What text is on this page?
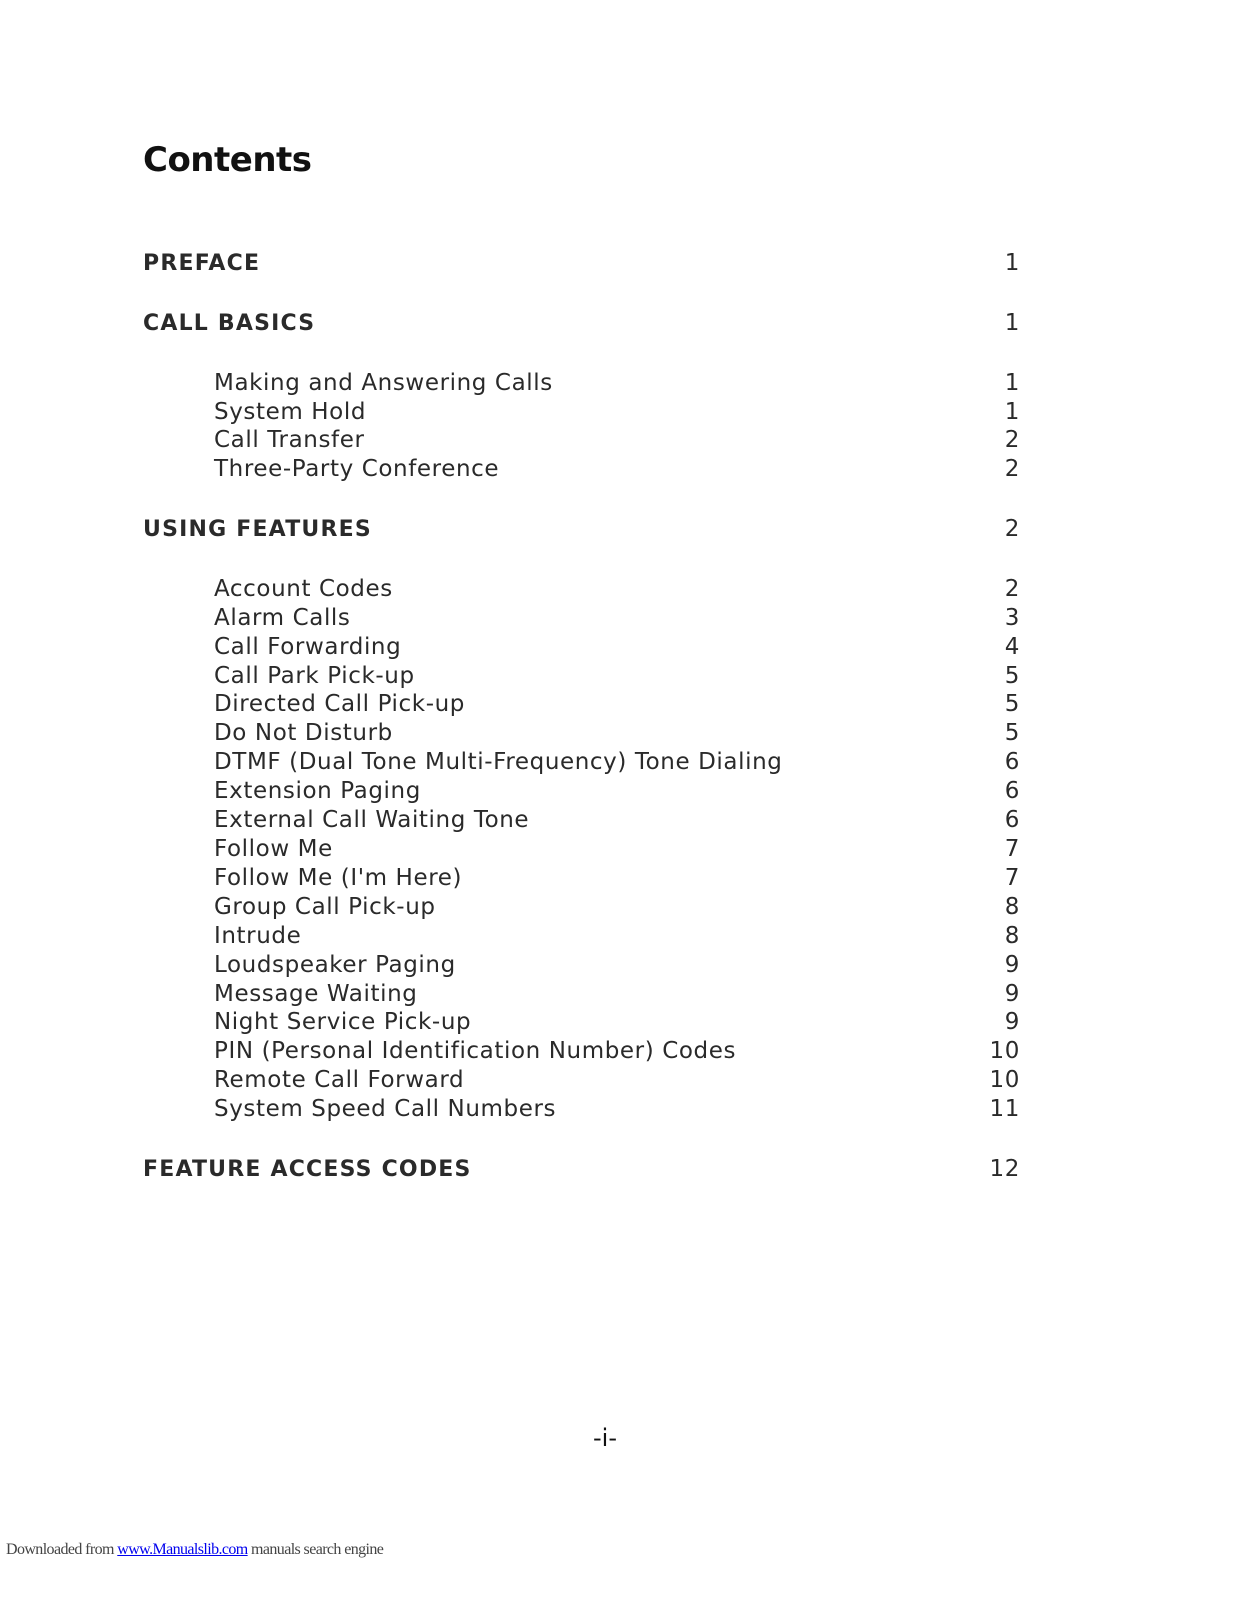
Contents
PREFACE	1
CALL BASICS	1
Making and Answering Calls	1
System Hold	1
Call Transfer	2
Three-Party Conference	2
USING FEATURES	2
Account Codes	2
Alarm Calls	3
Call Forwarding	4
Call Park Pick-up	5
Directed Call Pick-up	5
Do Not Disturb	5
DTMF (Dual Tone Multi-Frequency) Tone Dialing	6
Extension Paging	6
External Call Waiting Tone	6
Follow Me	7
Follow Me (I'm Here)	7
Group Call Pick-up	8
Intrude	8
Loudspeaker Paging	9
Message Waiting	9
Night Service Pick-up	9
PIN (Personal Identification Number) Codes	10
Remote Call Forward	10
System Speed Call Numbers	11
FEATURE ACCESS CODES	12
-i-
Downloaded from www.Manualslib.com manuals search engine
